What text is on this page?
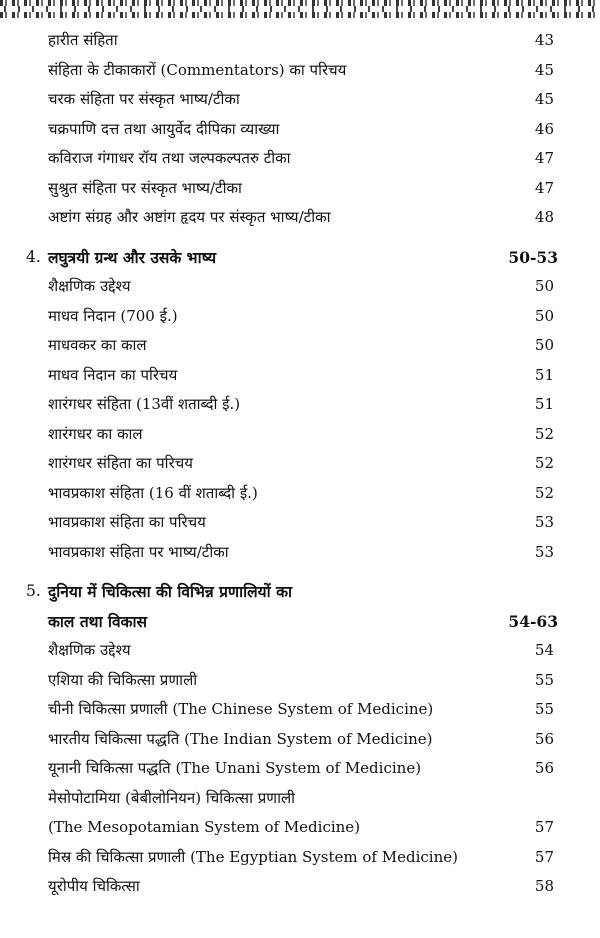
हारीत संहिता	43
संहिता के टीकाकारों (Commentators) का परिचय	45
चरक संहिता पर संस्कृत भाष्य/टीका	45
चक्रपाणि दत्त तथा आयुर्वेद दीपिका व्याख्या	46
कविराज गंगाधर रॉय तथा जल्पकल्पतरु टीका	47
सुश्रुत संहिता पर संस्कृत भाष्य/टीका	47
अष्टांग संग्रह और अष्टांग हृदय पर संस्कृत भाष्य/टीका	48
4. लघुत्रयी ग्रन्थ और उसके भाष्य	50-53
शैक्षणिक उद्देश्य	50
माधव निदान (700 ई.)	50
माधवकर का काल	50
माधव निदान का परिचय	51
शारंगधर संहिता (13वीं शताब्दी ई.)	51
शारंगधर का काल	52
शारंगधर संहिता का परिचय	52
भावप्रकाश संहिता (16 वीं शताब्दी ई.)	52
भावप्रकाश संहिता का परिचय	53
भावप्रकाश संहिता पर भाष्य/टीका	53
5. दुनिया में चिकित्सा की विभिन्न प्रणालियों का
काल तथा विकास	54-63
शैक्षणिक उद्देश्य	54
एशिया की चिकित्सा प्रणाली	55
चीनी चिकित्सा प्रणाली (The Chinese System of Medicine)	55
भारतीय चिकित्सा पद्धति (The Indian System of Medicine)	56
यूनानी चिकित्सा पद्धति (The Unani System of Medicine)	56
मेसोपोटामिया (बेबीलोनियन) चिकित्सा प्रणाली
(The Mesopotamian System of Medicine)	57
मिस्र की चिकित्सा प्रणाली (The Egyptian System of Medicine)	57
यूरोपीय चिकित्सा	58
